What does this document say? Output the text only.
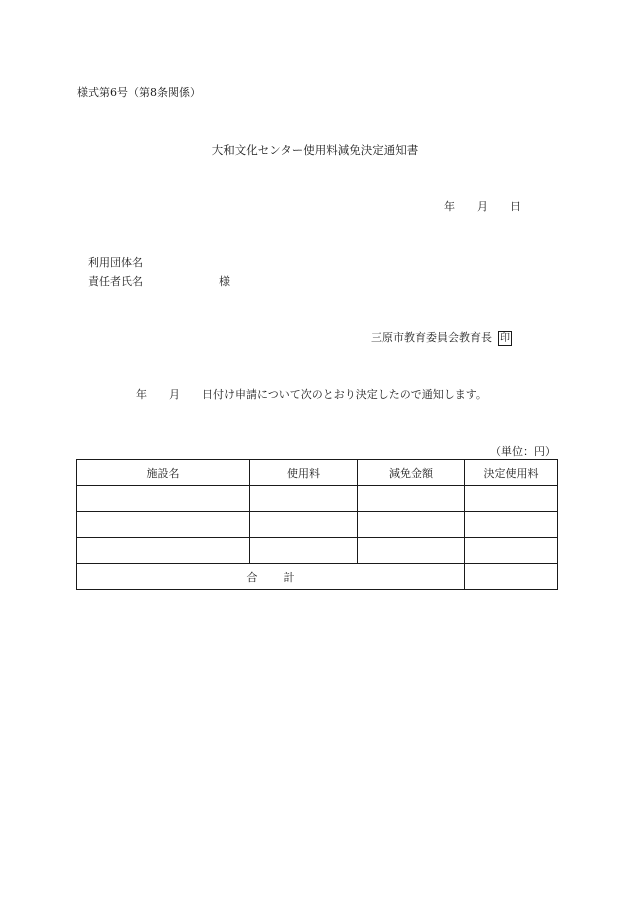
様式第6号（第8条関係）
大和文化センター使用料減免決定通知書
年 月 日
利用団体名
責任者氏名	様
三原市教育委員会教育長 印
年 月 日付け申請について次のとおり決定したので通知します。
（単位：円）
施設名	使用料	減免金額	決定使用料

合 計			
